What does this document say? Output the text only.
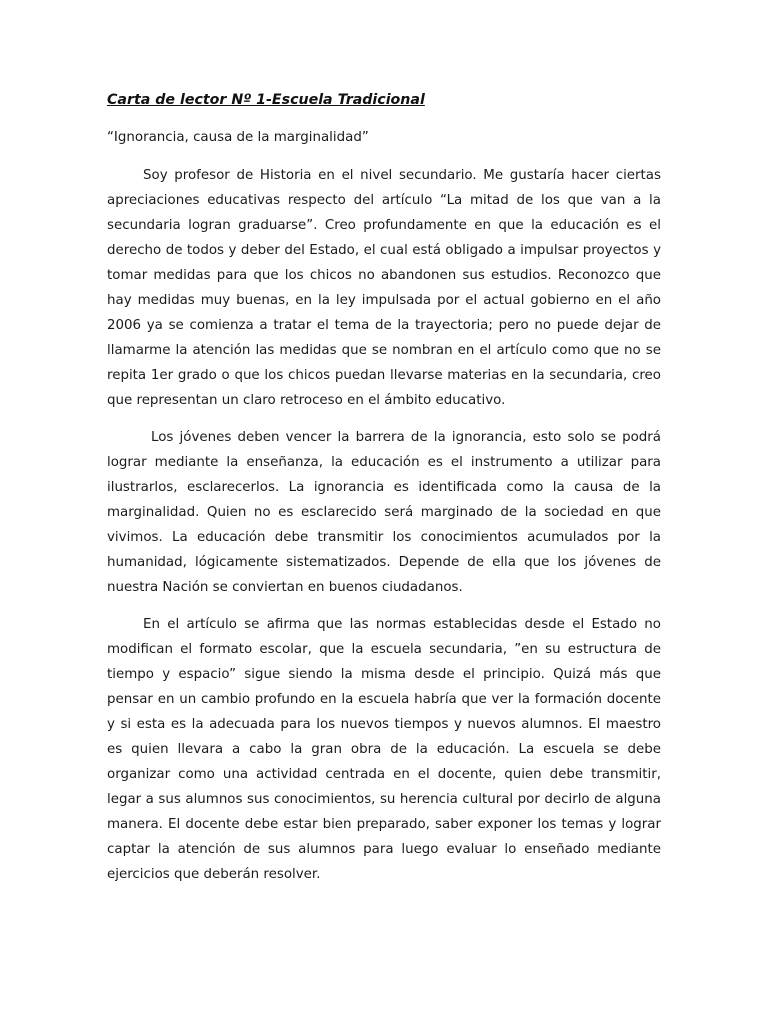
Carta de lector Nº 1-Escuela Tradicional

“Ignorancia, causa de la marginalidad”

Soy profesor de Historia en el nivel secundario. Me gustaría hacer ciertas apreciaciones educativas respecto del artículo “La mitad de los que van a la secundaria logran graduarse”. Creo profundamente en que la educación es el derecho de todos y deber del Estado, el cual está obligado a impulsar proyectos y tomar medidas para que los chicos no abandonen sus estudios. Reconozco que hay medidas muy buenas, en la ley impulsada por el actual gobierno en el año 2006 ya se comienza a tratar el tema de la trayectoria; pero no puede dejar de llamarme la atención las medidas que se nombran en el artículo como que no se repita 1er grado o que los chicos puedan llevarse materias en la secundaria, creo que representan un claro retroceso en el ámbito educativo.

Los jóvenes deben vencer la barrera de la ignorancia, esto solo se podrá lograr mediante la enseñanza, la educación es el instrumento a utilizar para ilustrarlos, esclarecerlos. La ignorancia es identificada como la causa de la marginalidad. Quien no es esclarecido será marginado de la sociedad en que vivimos. La educación debe transmitir los conocimientos acumulados por la humanidad, lógicamente sistematizados. Depende de ella que los jóvenes de nuestra Nación se conviertan en buenos ciudadanos.

En el artículo se afirma que las normas establecidas desde el Estado no modifican el formato escolar, que la escuela secundaria, ”en su estructura de tiempo y espacio” sigue siendo la misma desde el principio. Quizá más que pensar en un cambio profundo en la escuela habría que ver la formación docente y si esta es la adecuada para los nuevos tiempos y nuevos alumnos. El maestro es quien llevara a cabo la gran obra de la educación. La escuela se debe organizar como una actividad centrada en el docente, quien debe transmitir, legar a sus alumnos sus conocimientos, su herencia cultural por decirlo de alguna manera. El docente debe estar bien preparado, saber exponer los temas y lograr captar la atención de sus alumnos para luego evaluar lo enseñado mediante ejercicios que deberán resolver.
